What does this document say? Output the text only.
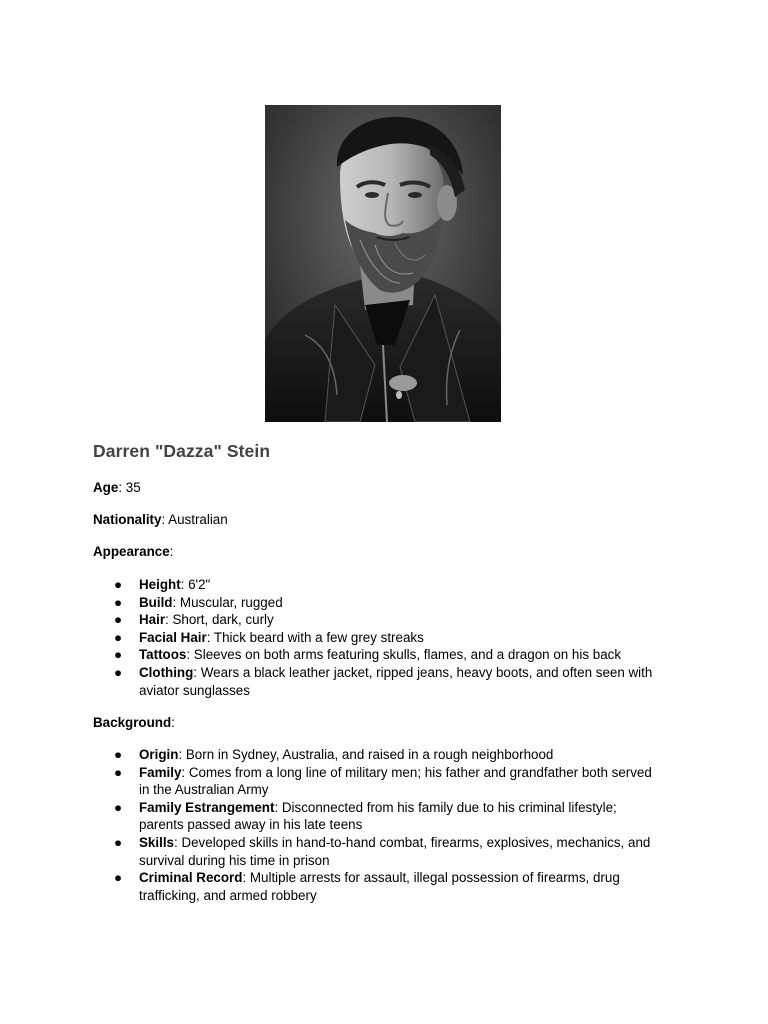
Darren "Dazza" Stein

Age: 35

Nationality: Australian

Appearance:

● Height: 6'2"
● Build: Muscular, rugged
● Hair: Short, dark, curly
● Facial Hair: Thick beard with a few grey streaks
● Tattoos: Sleeves on both arms featuring skulls, flames, and a dragon on his back
● Clothing: Wears a black leather jacket, ripped jeans, heavy boots, and often seen with aviator sunglasses

Background:

● Origin: Born in Sydney, Australia, and raised in a rough neighborhood
● Family: Comes from a long line of military men; his father and grandfather both served in the Australian Army
● Family Estrangement: Disconnected from his family due to his criminal lifestyle; parents passed away in his late teens
● Skills: Developed skills in hand-to-hand combat, firearms, explosives, mechanics, and survival during his time in prison
● Criminal Record: Multiple arrests for assault, illegal possession of firearms, drug trafficking, and armed robbery
